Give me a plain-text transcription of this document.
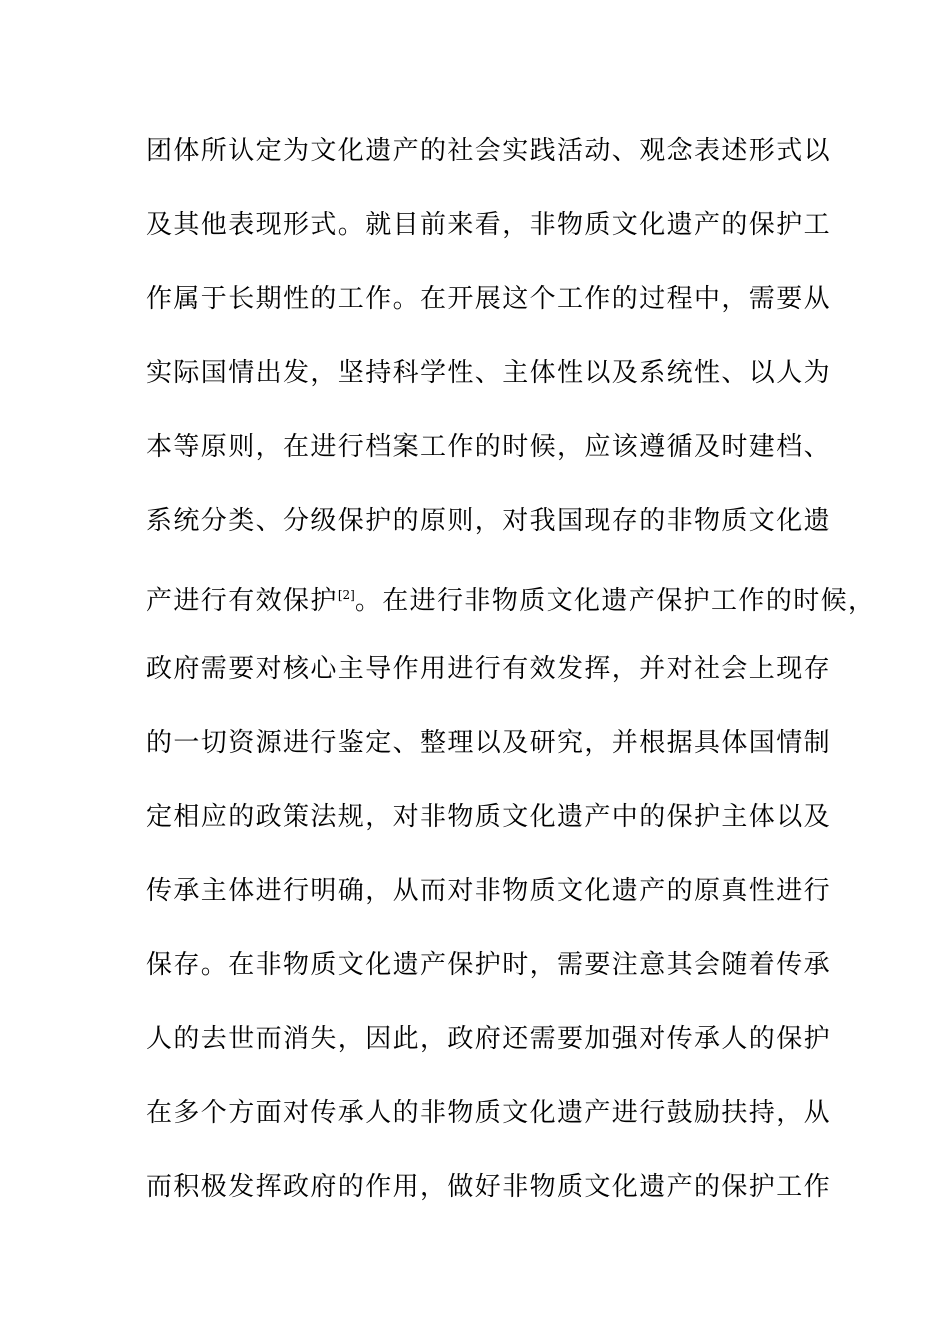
团体所认定为文化遗产的社会实践活动、观念表述形式以
及其他表现形式。就目前来看，非物质文化遗产的保护工
作属于长期性的工作。在开展这个工作的过程中，需要从
实际国情出发，坚持科学性、主体性以及系统性、以人为
本等原则，在进行档案工作的时候，应该遵循及时建档、
系统分类、分级保护的原则，对我国现存的非物质文化遗
产进行有效保护[2]。在进行非物质文化遗产保护工作的时候，
政府需要对核心主导作用进行有效发挥，并对社会上现存
的一切资源进行鉴定、整理以及研究，并根据具体国情制
定相应的政策法规，对非物质文化遗产中的保护主体以及
传承主体进行明确，从而对非物质文化遗产的原真性进行
保存。在非物质文化遗产保护时，需要注意其会随着传承
人的去世而消失，因此，政府还需要加强对传承人的保护
在多个方面对传承人的非物质文化遗产进行鼓励扶持，从
而积极发挥政府的作用，做好非物质文化遗产的保护工作
